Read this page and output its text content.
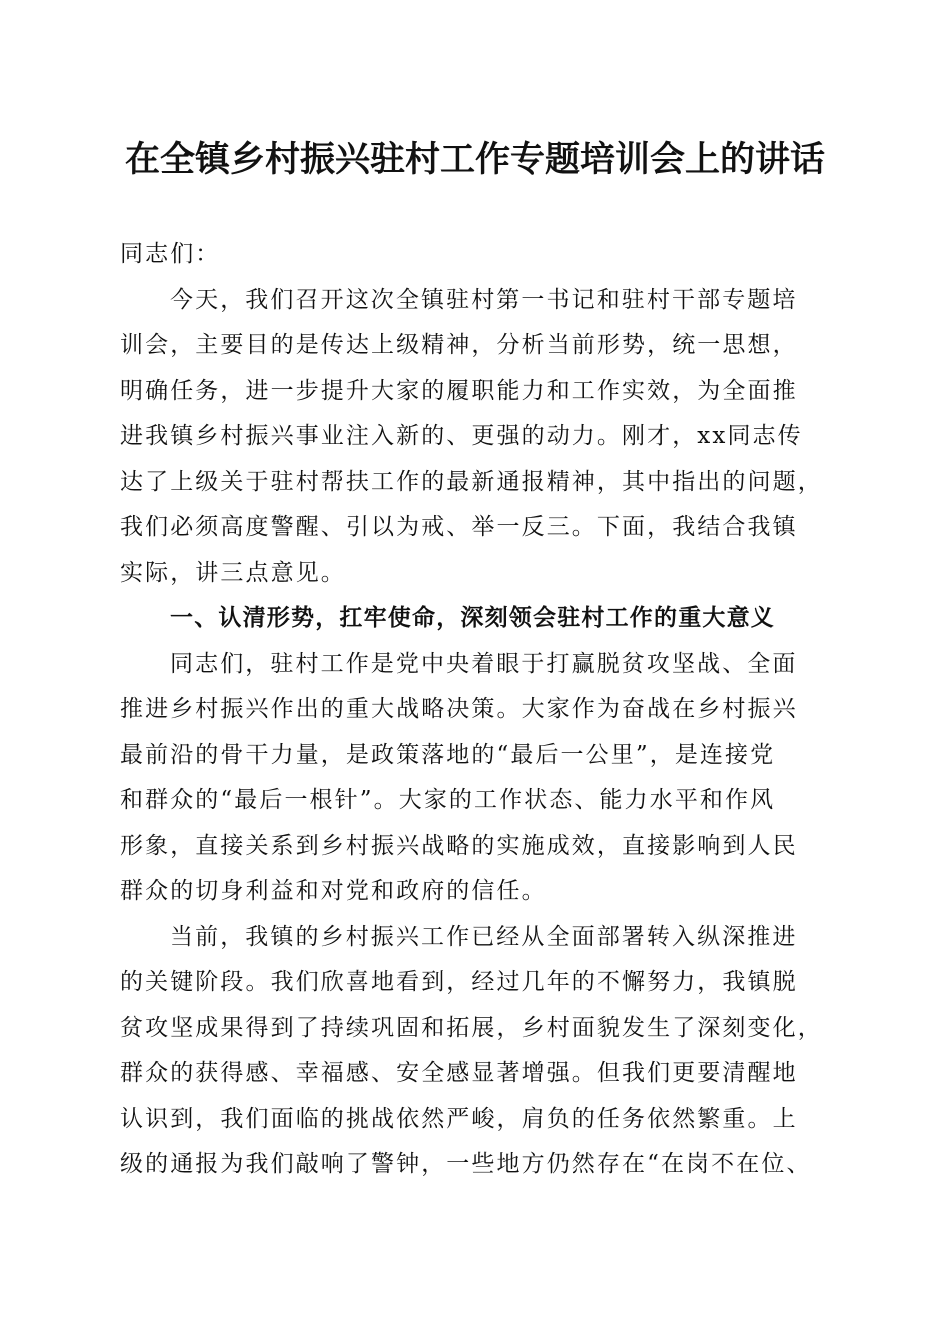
在全镇乡村振兴驻村工作专题培训会上的讲话
同志们：
今天，我们召开这次全镇驻村第一书记和驻村干部专题培
训会，主要目的是传达上级精神，分析当前形势，统一思想，
明确任务，进一步提升大家的履职能力和工作实效，为全面推
进我镇乡村振兴事业注入新的、更强的动力。刚才，xx同志传
达了上级关于驻村帮扶工作的最新通报精神，其中指出的问题，
我们必须高度警醒、引以为戒、举一反三。下面，我结合我镇
实际，讲三点意见。
一、认清形势，扛牢使命，深刻领会驻村工作的重大意义
同志们，驻村工作是党中央着眼于打赢脱贫攻坚战、全面
推进乡村振兴作出的重大战略决策。大家作为奋战在乡村振兴
最前沿的骨干力量，是政策落地的“最后一公里”，是连接党
和群众的“最后一根针”。大家的工作状态、能力水平和作风
形象，直接关系到乡村振兴战略的实施成效，直接影响到人民
群众的切身利益和对党和政府的信任。
当前，我镇的乡村振兴工作已经从全面部署转入纵深推进
的关键阶段。我们欣喜地看到，经过几年的不懈努力，我镇脱
贫攻坚成果得到了持续巩固和拓展，乡村面貌发生了深刻变化，
群众的获得感、幸福感、安全感显著增强。但我们更要清醒地
认识到，我们面临的挑战依然严峻，肩负的任务依然繁重。上
级的通报为我们敲响了警钟，一些地方仍然存在“在岗不在位、
